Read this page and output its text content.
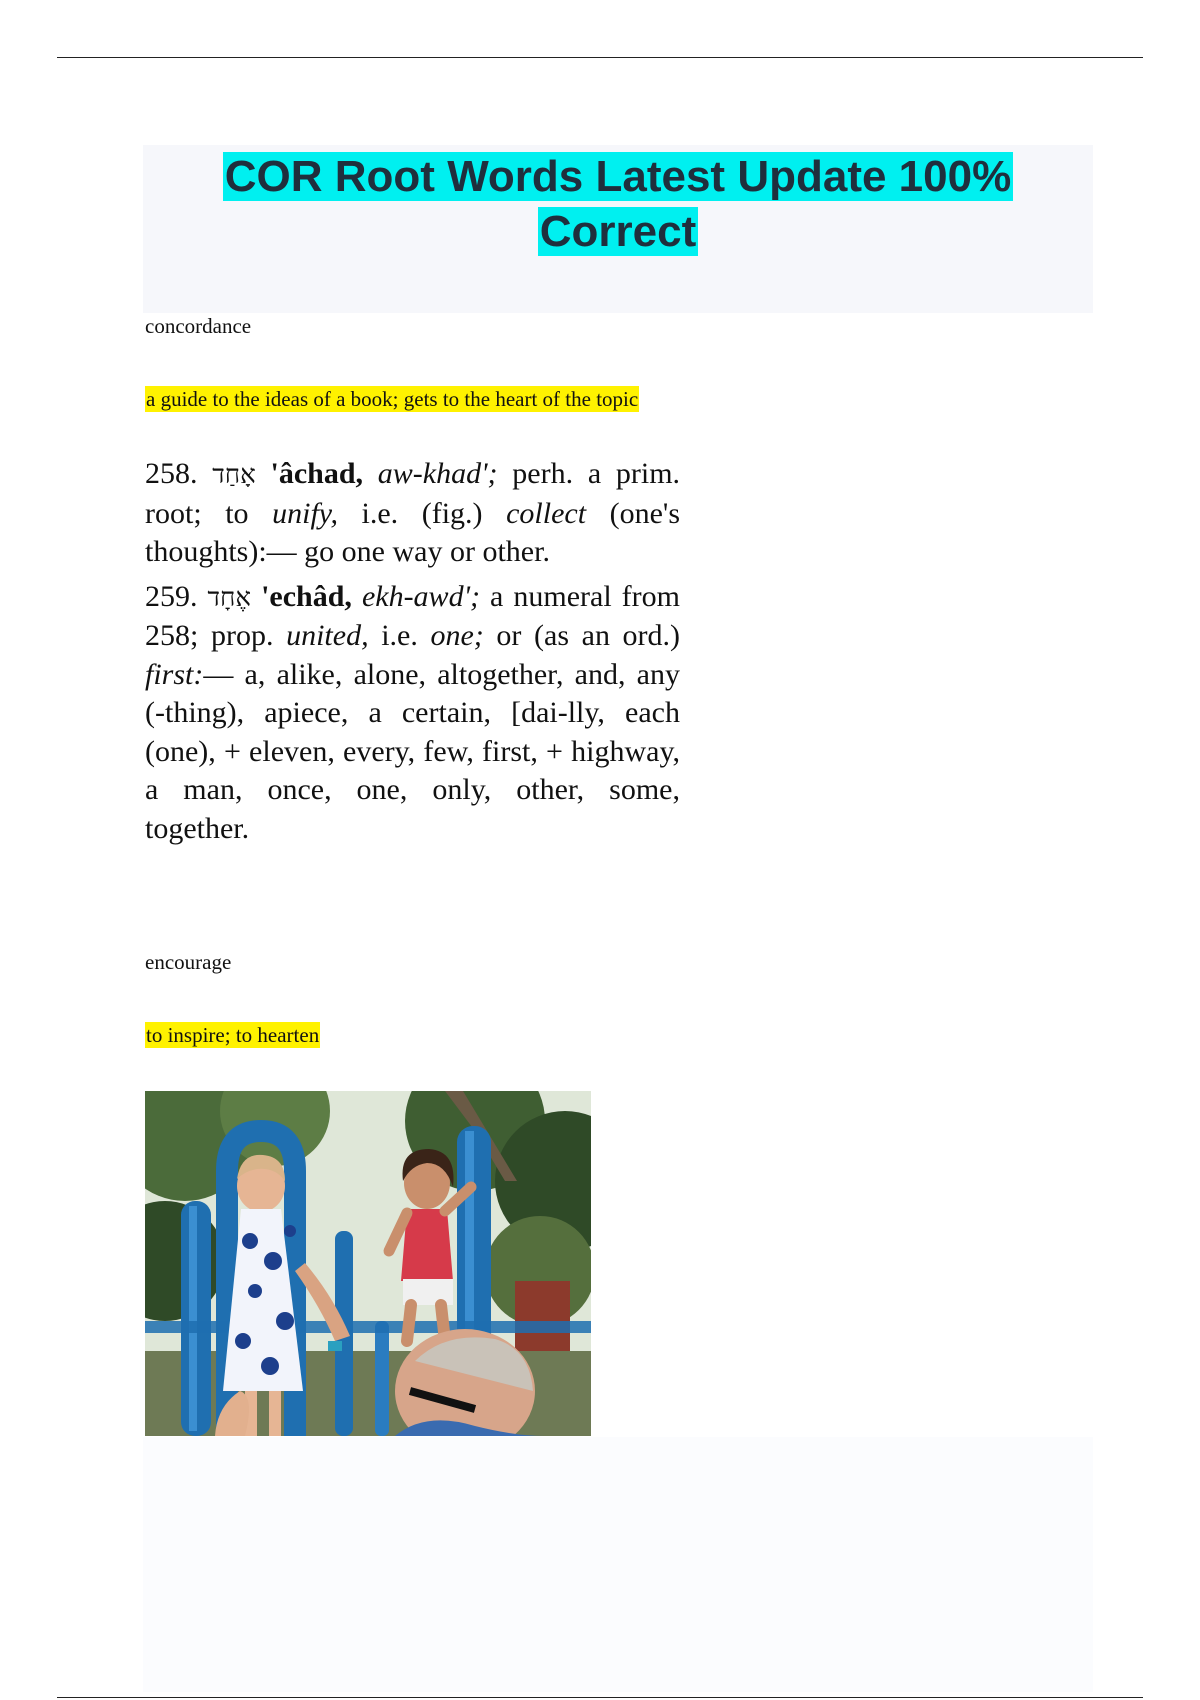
COR Root Words Latest Update 100%
Correct
concordance
a guide to the ideas of a book; gets to the heart of the topic
258. אָחַד 'âchad, aw-khad'; perh. a prim. root; to unify, i.e. (fig.) collect (one's thoughts):— go one way or other.
259. אֶחָד 'echâd, ekh-awd'; a numeral from 258; prop. united, i.e. one; or (as an ord.) first:— a, alike, alone, altogether, and, any (-thing), apiece, a certain, [dai-lly, each (one), + eleven, every, few, first, + highway, a man, once, one, only, other, some, together.
encourage
to inspire; to hearten
